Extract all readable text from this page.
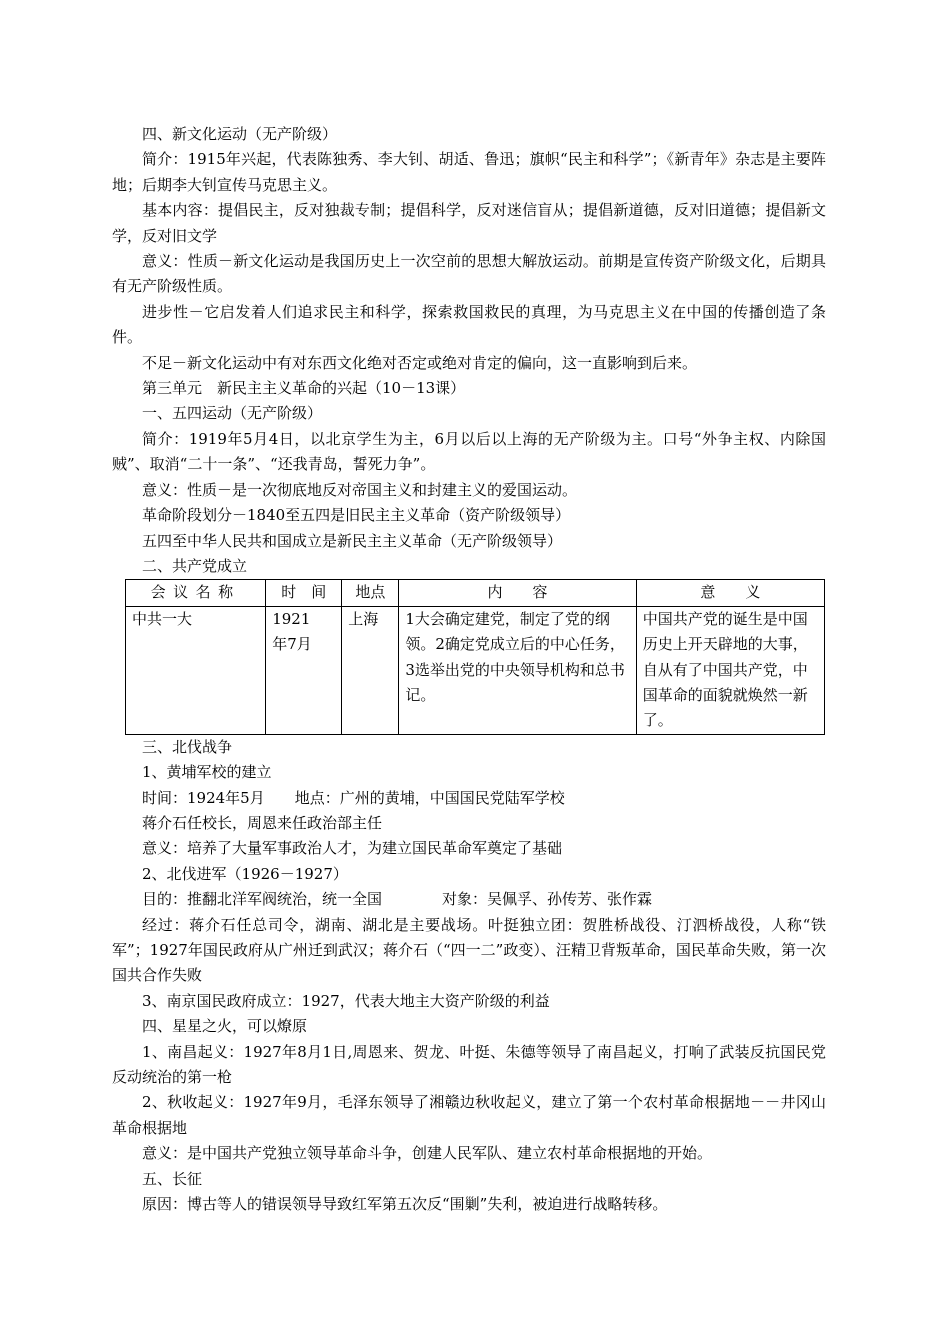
四、新文化运动（无产阶级）
简介：1915年兴起，代表陈独秀、李大钊、胡适、鲁迅；旗帜“民主和科学”；《新青年》杂志是主要阵地；后期李大钊宣传马克思主义。
基本内容：提倡民主，反对独裁专制；提倡科学，反对迷信盲从；提倡新道德，反对旧道德；提倡新文学，反对旧文学
意义：性质－新文化运动是我国历史上一次空前的思想大解放运动。前期是宣传资产阶级文化，后期具有无产阶级性质。
进步性－它启发着人们追求民主和科学，探索救国救民的真理，为马克思主义在中国的传播创造了条件。
不足－新文化运动中有对东西文化绝对否定或绝对肯定的偏向，这一直影响到后来。
第三单元　新民主主义革命的兴起（10－13课）
一、五四运动（无产阶级）
简介：1919年5月4日，以北京学生为主，6月以后以上海的无产阶级为主。口号“外争主权、内除国贼”、取消“二十一条”、“还我青岛，誓死力争”。
意义：性质－是一次彻底地反对帝国主义和封建主义的爱国运动。
革命阶段划分－1840至五四是旧民主主义革命（资产阶级领导）
五四至中华人民共和国成立是新民主主义革命（无产阶级领导）
二、共产党成立
会议名称	时　间	地点	内　　容	意　　义
中共一大	1921　年7月	上海	1大会确定建党，制定了党的纲领。2确定党成立后的中心任务，3选举出党的中央领导机构和总书记。	中国共产党的诞生是中国历史上开天辟地的大事，自从有了中国共产党，中国革命的面貌就焕然一新了。
三、北伐战争
1、黄埔军校的建立
时间：1924年5月　　地点：广州的黄埔，中国国民党陆军学校
蒋介石任校长，周恩来任政治部主任
意义：培养了大量军事政治人才，为建立国民革命军奠定了基础
2、北伐进军（1926－1927）
目的：推翻北洋军阀统治，统一全国　　　　对象：吴佩孚、孙传芳、张作霖
经过：蒋介石任总司令，湖南、湖北是主要战场。叶挺独立团：贺胜桥战役、汀泗桥战役，人称“铁军”；1927年国民政府从广州迁到武汉；蒋介石（“四一二”政变）、汪精卫背叛革命，国民革命失败，第一次国共合作失败
3、南京国民政府成立：1927，代表大地主大资产阶级的利益
四、星星之火，可以燎原
1、南昌起义：1927年8月1日,周恩来、贺龙、叶挺、朱德等领导了南昌起义，打响了武装反抗国民党反动统治的第一枪
2、秋收起义：1927年9月，毛泽东领导了湘赣边秋收起义，建立了第一个农村革命根据地－－井冈山革命根据地
意义：是中国共产党独立领导革命斗争，创建人民军队、建立农村革命根据地的开始。
五、长征
原因：博古等人的错误领导导致红军第五次反“围剿”失利，被迫进行战略转移。
